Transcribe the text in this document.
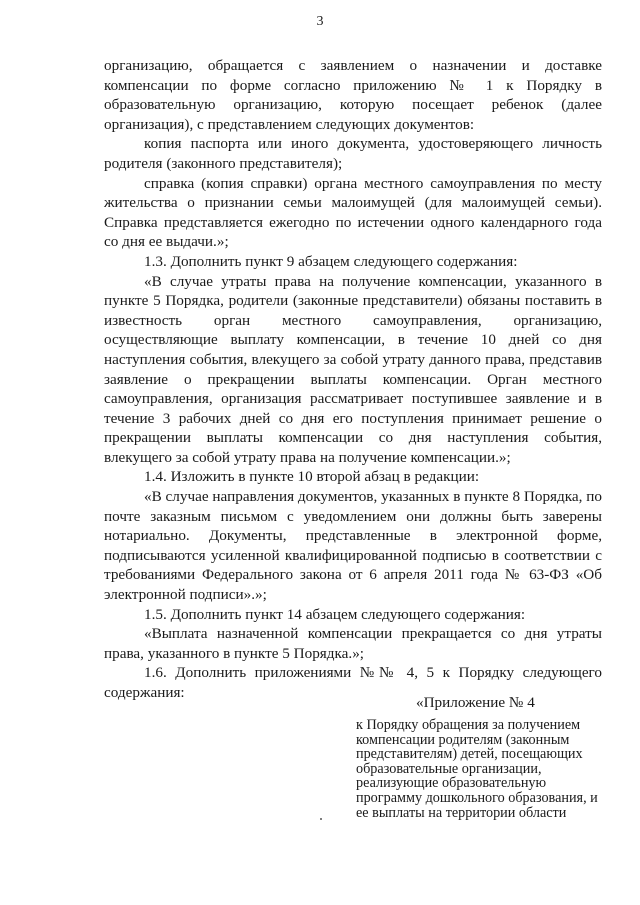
3

организацию, обращается с заявлением о назначении и доставке компенсации по форме согласно приложению № 1 к Порядку в образовательную организацию, которую посещает ребенок (далее организация), с представлением следующих документов:

копия паспорта или иного документа, удостоверяющего личность родителя (законного представителя);

справка (копия справки) органа местного самоуправления по месту жительства о признании семьи малоимущей (для малоимущей семьи). Справка представляется ежегодно по истечении одного календарного года со дня ее выдачи.»;

1.3. Дополнить пункт 9 абзацем следующего содержания:

«В случае утраты права на получение компенсации, указанного в пункте 5 Порядка, родители (законные представители) обязаны поставить в известность орган местного самоуправления, организацию, осуществляющие выплату компенсации, в течение 10 дней со дня наступления события, влекущего за собой утрату данного права, представив заявление о прекращении выплаты компенсации. Орган местного самоуправления, организация рассматривает поступившее заявление и в течение 3 рабочих дней со дня его поступления принимает решение о прекращении выплаты компенсации со дня наступления события, влекущего за собой утрату права на получение компенсации.»;

1.4. Изложить в пункте 10 второй абзац в редакции:

«В случае направления документов, указанных в пункте 8 Порядка, по почте заказным письмом с уведомлением они должны быть заверены нотариально. Документы, представленные в электронной форме, подписываются усиленной квалифицированной подписью в соответствии с требованиями Федерального закона от 6 апреля 2011 года № 63-ФЗ «Об электронной подписи».»;

1.5. Дополнить пункт 14 абзацем следующего содержания:

«Выплата назначенной компенсации прекращается со дня утраты права, указанного в пункте 5 Порядка.»;

1.6. Дополнить приложениями №№ 4, 5 к Порядку следующего содержания:

«Приложение № 4

к Порядку обращения за получением компенсации родителям (законным представителям) детей, посещающих образовательные организации, реализующие образовательную программу дошкольного образования, и ее выплаты на территории области
